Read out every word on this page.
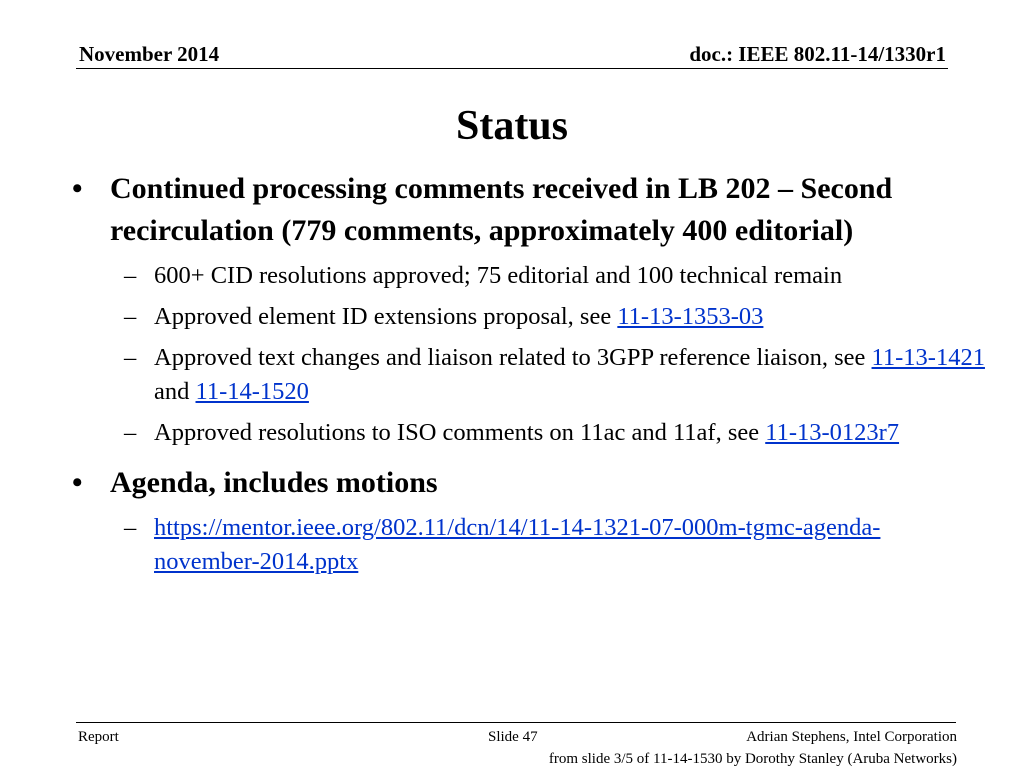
November 2014	doc.: IEEE 802.11-14/1330r1
Status
• Continued processing comments received in LB 202 – Second recirculation (779 comments, approximately 400 editorial)
– 600+ CID resolutions approved; 75 editorial and 100 technical remain
– Approved element ID extensions proposal, see 11-13-1353-03
– Approved text changes and liaison related to 3GPP reference liaison, see 11-13-1421 and 11-14-1520
– Approved resolutions to ISO comments on 11ac and 11af, see 11-13-0123r7
• Agenda, includes motions
– https://mentor.ieee.org/802.11/dcn/14/11-14-1321-07-000m-tgmc-agenda-november-2014.pptx
Report	Slide 47	Adrian Stephens, Intel Corporation
from slide 3/5 of 11-14-1530 by Dorothy Stanley (Aruba Networks)
